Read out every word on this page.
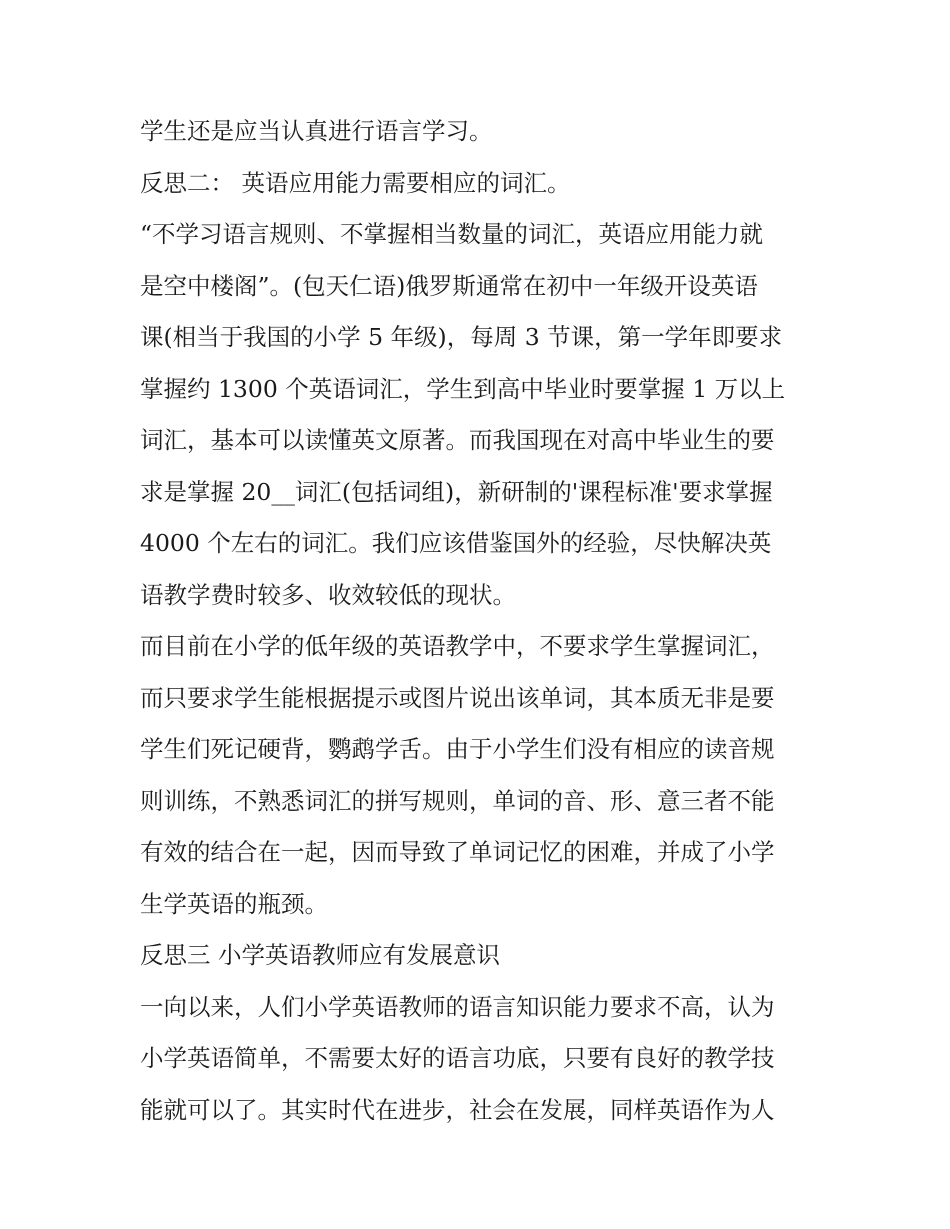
学生还是应当认真进行语言学习。
反思二： 英语应用能力需要相应的词汇。
“不学习语言规则、不掌握相当数量的词汇，英语应用能力就
是空中楼阁”。(包天仁语)俄罗斯通常在初中一年级开设英语
课(相当于我国的小学 5 年级)，每周 3 节课，第一学年即要求
掌握约 1300 个英语词汇，学生到高中毕业时要掌握 1 万以上
词汇，基本可以读懂英文原著。而我国现在对高中毕业生的要
求是掌握 20__词汇(包括词组)，新研制的'课程标准'要求掌握
4000 个左右的词汇。我们应该借鉴国外的经验，尽快解决英
语教学费时较多、收效较低的现状。
而目前在小学的低年级的英语教学中，不要求学生掌握词汇，
而只要求学生能根据提示或图片说出该单词，其本质无非是要
学生们死记硬背，鹦鹉学舌。由于小学生们没有相应的读音规
则训练，不熟悉词汇的拼写规则，单词的音、形、意三者不能
有效的结合在一起，因而导致了单词记忆的困难，并成了小学
生学英语的瓶颈。
反思三 小学英语教师应有发展意识
一向以来，人们小学英语教师的语言知识能力要求不高，认为
小学英语简单，不需要太好的语言功底，只要有良好的教学技
能就可以了。其实时代在进步，社会在发展，同样英语作为人
